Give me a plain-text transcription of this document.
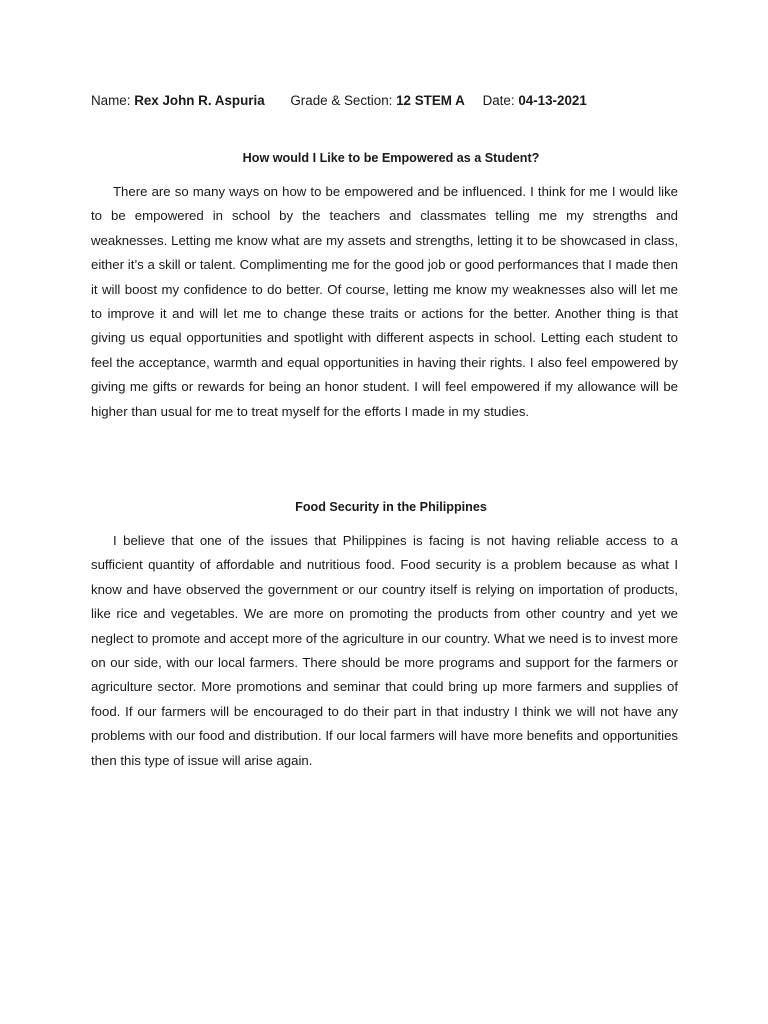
Name: Rex John R. Aspuria Grade & Section: 12 STEM A Date: 04-13-2021
How would I Like to be Empowered as a Student?

There are so many ways on how to be empowered and be influenced. I think for me I would like to be empowered in school by the teachers and classmates telling me my strengths and weaknesses. Letting me know what are my assets and strengths, letting it to be showcased in class, either it’s a skill or talent. Complimenting me for the good job or good performances that I made then it will boost my confidence to do better. Of course, letting me know my weaknesses also will let me to improve it and will let me to change these traits or actions for the better. Another thing is that giving us equal opportunities and spotlight with different aspects in school. Letting each student to feel the acceptance, warmth and equal opportunities in having their rights. I also feel empowered by giving me gifts or rewards for being an honor student. I will feel empowered if my allowance will be higher than usual for me to treat myself for the efforts I made in my studies.

Food Security in the Philippines

I believe that one of the issues that Philippines is facing is not having reliable access to a sufficient quantity of affordable and nutritious food. Food security is a problem because as what I know and have observed the government or our country itself is relying on importation of products, like rice and vegetables. We are more on promoting the products from other country and yet we neglect to promote and accept more of the agriculture in our country. What we need is to invest more on our side, with our local farmers. There should be more programs and support for the farmers or agriculture sector. More promotions and seminar that could bring up more farmers and supplies of food. If our farmers will be encouraged to do their part in that industry I think we will not have any problems with our food and distribution. If our local farmers will have more benefits and opportunities then this type of issue will arise again.
